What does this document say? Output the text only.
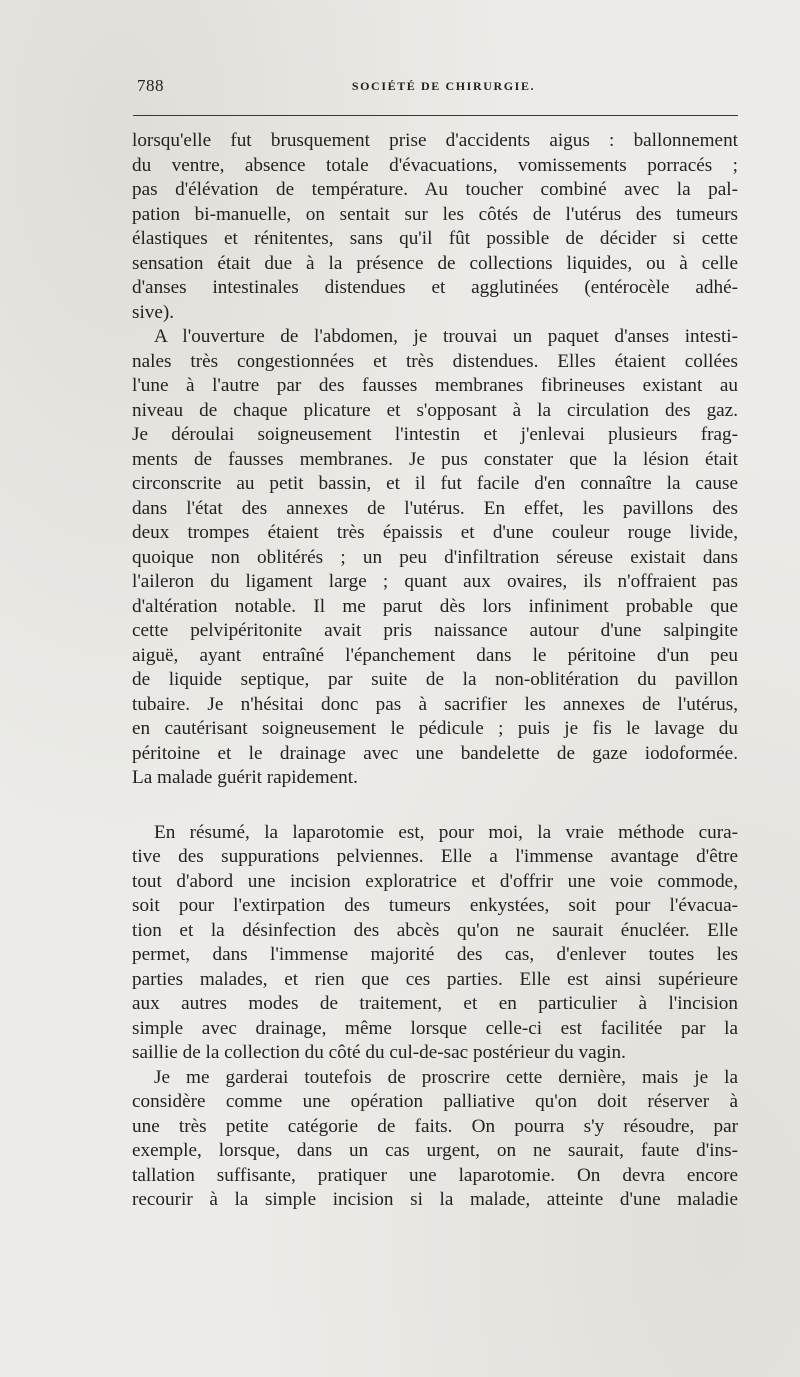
788	SOCIÉTÉ DE CHIRURGIE.
lorsqu'elle fut brusquement prise d'accidents aigus : ballonnement
du ventre, absence totale d'évacuations, vomissements porracés ;
pas d'élévation de température. Au toucher combiné avec la pal-
pation bi-manuelle, on sentait sur les côtés de l'utérus des tumeurs
élastiques et rénitentes, sans qu'il fût possible de décider si cette
sensation était due à la présence de collections liquides, ou à celle
d'anses intestinales distendues et agglutinées (entérocèle adhé-
sive).
A l'ouverture de l'abdomen, je trouvai un paquet d'anses intesti-
nales très congestionnées et très distendues. Elles étaient collées
l'une à l'autre par des fausses membranes fibrineuses existant au
niveau de chaque plicature et s'opposant à la circulation des gaz.
Je déroulai soigneusement l'intestin et j'enlevai plusieurs frag-
ments de fausses membranes. Je pus constater que la lésion était
circonscrite au petit bassin, et il fut facile d'en connaître la cause
dans l'état des annexes de l'utérus. En effet, les pavillons des
deux trompes étaient très épaissis et d'une couleur rouge livide,
quoique non oblitérés ; un peu d'infiltration séreuse existait dans
l'aileron du ligament large ; quant aux ovaires, ils n'offraient pas
d'altération notable. Il me parut dès lors infiniment probable que
cette pelvipéritonite avait pris naissance autour d'une salpingite
aiguë, ayant entraîné l'épanchement dans le péritoine d'un peu
de liquide septique, par suite de la non-oblitération du pavillon
tubaire. Je n'hésitai donc pas à sacrifier les annexes de l'utérus,
en cautérisant soigneusement le pédicule ; puis je fis le lavage du
péritoine et le drainage avec une bandelette de gaze iodoformée.
La malade guérit rapidement.
En résumé, la laparotomie est, pour moi, la vraie méthode cura-
tive des suppurations pelviennes. Elle a l'immense avantage d'être
tout d'abord une incision exploratrice et d'offrir une voie commode,
soit pour l'extirpation des tumeurs enkystées, soit pour l'évacua-
tion et la désinfection des abcès qu'on ne saurait énucléer. Elle
permet, dans l'immense majorité des cas, d'enlever toutes les
parties malades, et rien que ces parties. Elle est ainsi supérieure
aux autres modes de traitement, et en particulier à l'incision
simple avec drainage, même lorsque celle-ci est facilitée par la
saillie de la collection du côté du cul-de-sac postérieur du vagin.
Je me garderai toutefois de proscrire cette dernière, mais je la
considère comme une opération palliative qu'on doit réserver à
une très petite catégorie de faits. On pourra s'y résoudre, par
exemple, lorsque, dans un cas urgent, on ne saurait, faute d'ins-
tallation suffisante, pratiquer une laparotomie. On devra encore
recourir à la simple incision si la malade, atteinte d'une maladie
